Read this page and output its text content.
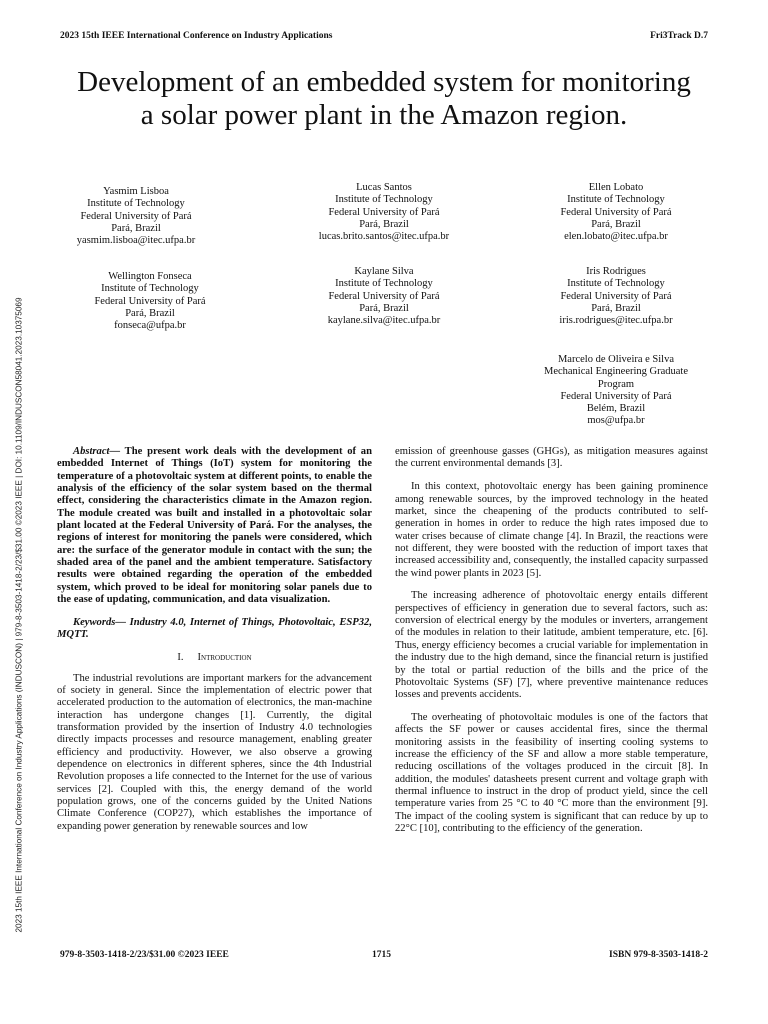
2023 15th IEEE International Conference on Industry Applications	Fri3Track D.7
2023 15th IEEE International Conference on Industry Applications (INDUSCON) | 979-8-3503-1418-2/23/$31.00 ©2023 IEEE | DOI: 10.1109/INDUSCON58041.2023.10375069
Development of an embedded system for monitoring a solar power plant in the Amazon region.
Yasmim Lisboa
Institute of Technology
Federal University of Pará
Pará, Brazil
yasmim.lisboa@itec.ufpa.br
Lucas Santos
Institute of Technology
Federal University of Pará
Pará, Brazil
lucas.brito.santos@itec.ufpa.br
Ellen Lobato
Institute of Technology
Federal University of Pará
Pará, Brazil
elen.lobato@itec.ufpa.br
Wellington Fonseca
Institute of Technology
Federal University of Pará
Pará, Brazil
fonseca@ufpa.br
Kaylane Silva
Institute of Technology
Federal University of Pará
Pará, Brazil
kaylane.silva@itec.ufpa.br
Iris Rodrigues
Institute of Technology
Federal University of Pará
Pará, Brazil
iris.rodrigues@itec.ufpa.br
Marcelo de Oliveira e Silva
Mechanical Engineering Graduate
Program
Federal University of Pará
Belém, Brazil
mos@ufpa.br

Abstract— The present work deals with the development of an embedded Internet of Things (IoT) system for monitoring the temperature of a photovoltaic system at different points, to enable the analysis of the efficiency of the solar system based on the thermal effect, considering the characteristics climate in the Amazon region. The module created was built and installed in a photovoltaic solar plant located at the Federal University of Pará. For the analyses, the regions of interest for monitoring the panels were considered, which are: the surface of the generator module in contact with the sun; the shaded area of the panel and the ambient temperature. Satisfactory results were obtained regarding the operation of the embedded system, which proved to be ideal for monitoring solar panels due to the ease of updating, communication, and data visualization.

Keywords— Industry 4.0, Internet of Things, Photovoltaic, ESP32, MQTT.

I. Introduction

The industrial revolutions are important markers for the advancement of society in general. Since the implementation of electric power that accelerated production to the automation of electronics, the man-machine interaction has undergone changes [1]. Currently, the digital transformation provided by the insertion of Industry 4.0 technologies directly impacts processes and resource management, enabling greater efficiency and productivity. However, we also observe a growing dependence on electronics in different spheres, since the 4th Industrial Revolution proposes a life connected to the Internet for the use of various services [2]. Coupled with this, the energy demand of the world population grows, one of the concerns guided by the United Nations Climate Conference (COP27), which establishes the importance of expanding power generation by renewable sources and low

emission of greenhouse gasses (GHGs), as mitigation measures against the current environmental demands [3].

In this context, photovoltaic energy has been gaining prominence among renewable sources, by the improved technology in the heated market, since the cheapening of the products contributed to self-generation in homes in order to reduce the high rates imposed due to water crises because of climate change [4]. In Brazil, the reactions were not different, they were boosted with the reduction of import taxes that increased accessibility and, consequently, the installed capacity surpassed the wind power plants in 2023 [5].

The increasing adherence of photovoltaic energy entails different perspectives of efficiency in generation due to several factors, such as: conversion of electrical energy by the modules or inverters, arrangement of the modules in relation to their latitude, ambient temperature, etc. [6]. Thus, energy efficiency becomes a crucial variable for implementation in the industry due to the high demand, since the financial return is justified by the total or partial reduction of the bills and the price of the Photovoltaic Systems (SF) [7], where preventive maintenance reduces losses and prevents accidents.

The overheating of photovoltaic modules is one of the factors that affects the SF power or causes accidental fires, since the thermal monitoring assists in the feasibility of inserting cooling systems to increase the efficiency of the SF and allow a more stable temperature, reducing oscillations of the voltages produced in the circuit [8]. In addition, the modules' datasheets present current and voltage graph with thermal influence to instruct in the drop of product yield, since the cell temperature varies from 25 °C to 40 °C more than the environment [9]. The impact of the cooling system is significant that can reduce by up to 22°C [10], contributing to the efficiency of the generation.

979-8-3503-1418-2/23/$31.00 ©2023 IEEE	1715	ISBN 979-8-3503-1418-2
